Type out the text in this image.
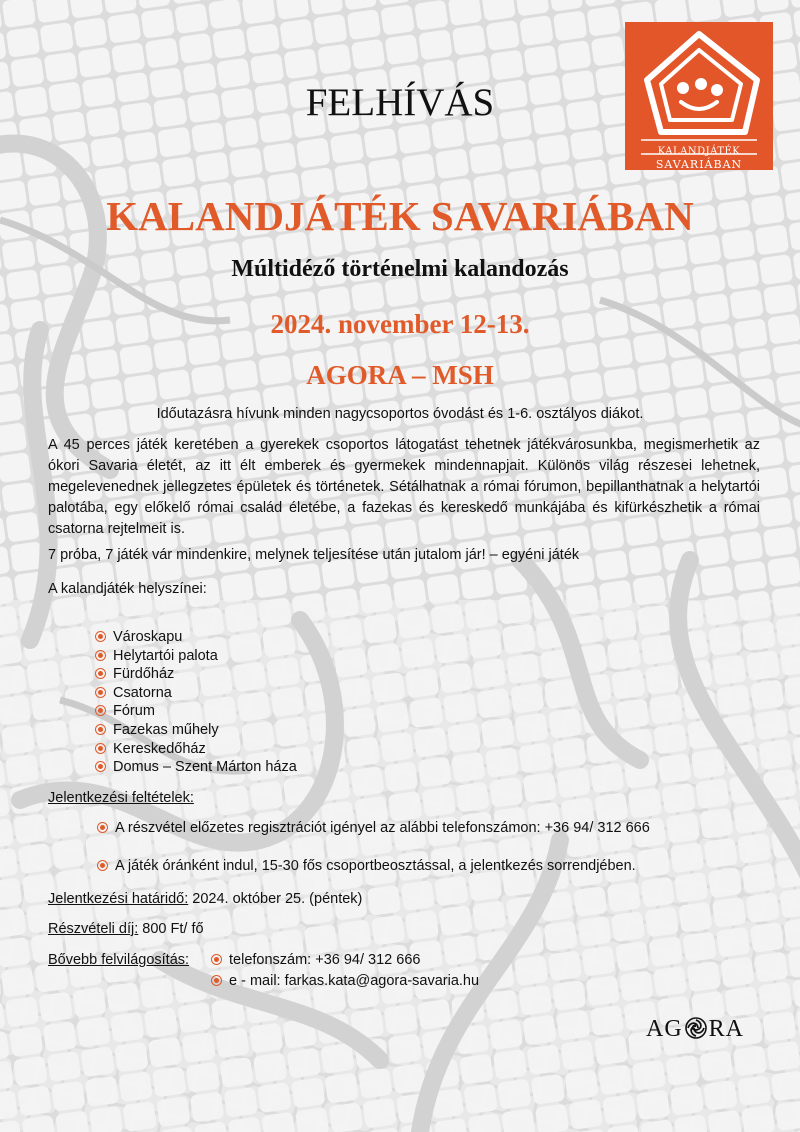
KALANDJÁTÉK
SAVARIÁBAN
FELHÍVÁS
KALANDJÁTÉK SAVARIÁBAN
Múltidéző történelmi kalandozás
2024. november 12-13.
AGORA – MSH
Időutazásra hívunk minden nagycsoportos óvodást és 1-6. osztályos diákot.

A 45 perces játék keretében a gyerekek csoportos látogatást tehetnek játékvárosunkba, megismerhetik az ókori Savaria életét, az itt élt emberek és gyermekek mindennapjait. Különös világ részesei lehetnek, megelevenednek jellegzetes épületek és történetek. Sétálhatnak a római fórumon, bepillanthatnak a helytartói palotába, egy előkelő római család életébe, a fazekas és kereskedő munkájába és kifürkészhetik a római csatorna rejtelmeit is.

7 próba, 7 játék vár mindenkire, melynek teljesítése után jutalom jár! – egyéni játék
A kalandjáték helyszínei:
Városkapu
Helytartói palota
Fürdőház
Csatorna
Fórum
Fazekas műhely
Kereskedőház
Domus – Szent Márton háza
Jelentkezési feltételek:
A részvétel előzetes regisztrációt igényel az alábbi telefonszámon: +36 94/ 312 666
A játék óránként indul, 15-30 fős csoportbeosztással, a jelentkezés sorrendjében.
Jelentkezési határidő: 2024. október 25. (péntek)
Részvételi díj: 800 Ft/ fő
Bővebb felvilágosítás:	telefonszám: +36 94/ 312 666
e - mail: farkas.kata@agora-savaria.hu
AG RA
